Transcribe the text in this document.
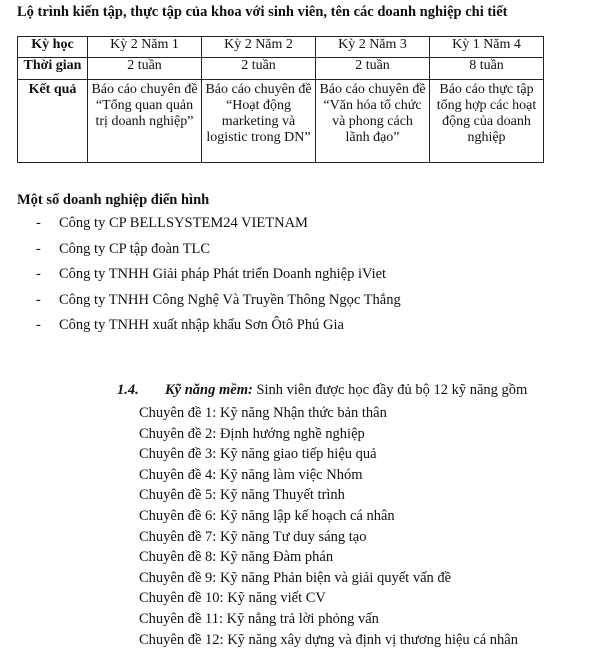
Lộ trình kiến tập, thực tập của khoa với sinh viên, tên các doanh nghiệp chi tiết
Kỳ học	Kỳ 2 Năm 1	Kỳ 2 Năm 2	Kỳ 2 Năm 3	Kỳ 1 Năm 4
Thời gian	2 tuần	2 tuần	2 tuần	8 tuần
Kết quả	Báo cáo chuyên đề “Tổng quan quản trị doanh nghiệp”	Báo cáo chuyên đề “Hoạt động marketing và logistic trong DN”	Báo cáo chuyên đề “Văn hóa tổ chức và phong cách lãnh đạo”	Báo cáo thực tập tổng hợp các hoạt động của doanh nghiệp
Một số doanh nghiệp điển hình
- Công ty CP BELLSYSTEM24 VIETNAM
- Công ty CP tập đoàn TLC
- Công ty TNHH Giải pháp Phát triển Doanh nghiệp iViet
- Công ty TNHH Công Nghệ Và Truyền Thông Ngọc Thắng
- Công ty TNHH xuất nhập khẩu Sơn Ôtô Phú Gia
1.4. Kỹ năng mềm: Sinh viên được học đầy đủ bộ 12 kỹ năng gồm
Chuyên đề 1: Kỹ năng Nhận thức bản thân
Chuyên đề 2: Định hướng nghề nghiệp
Chuyên đề 3: Kỹ năng giao tiếp hiệu quả
Chuyên đề 4: Kỹ năng làm việc Nhóm
Chuyên đề 5: Kỹ năng Thuyết trình
Chuyên đề 6: Kỹ năng lập kế hoạch cá nhân
Chuyên đề 7: Kỹ năng Tư duy sáng tạo
Chuyên đề 8: Kỹ năng Đàm phán
Chuyên đề 9: Kỹ năng Phản biện và giải quyết vấn đề
Chuyên đề 10: Kỹ năng viết CV
Chuyên đề 11: Kỹ nẳng trả lời phỏng vấn
Chuyên đề 12: Kỹ năng xây dựng và định vị thương hiệu cá nhân
